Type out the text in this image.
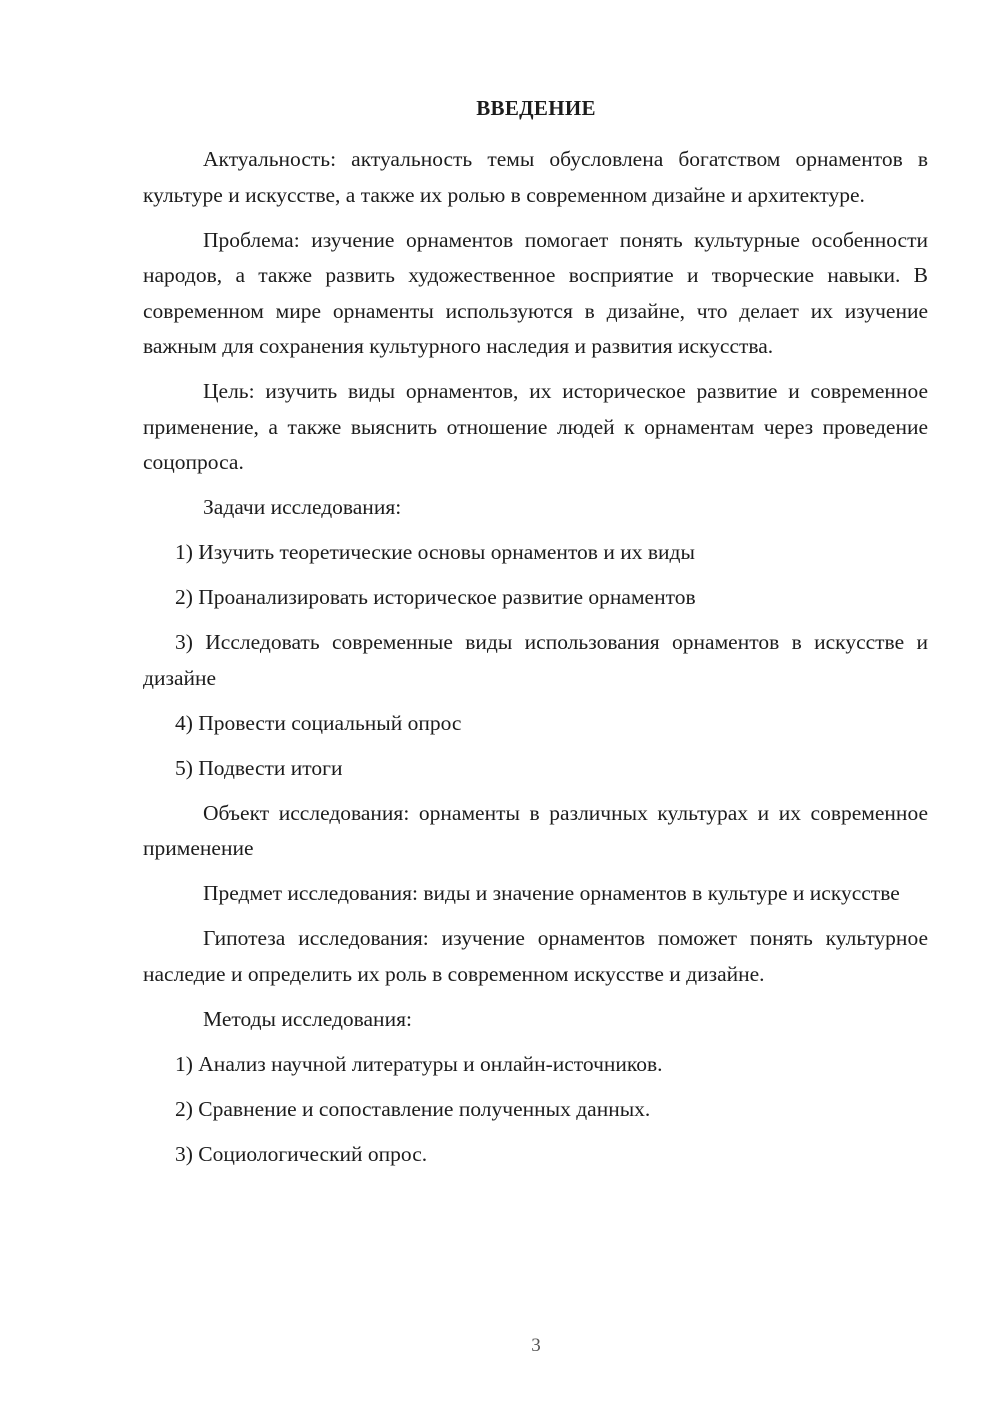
ВВЕДЕНИЕ

Актуальность: актуальность темы обусловлена богатством орнаментов в культуре и искусстве, а также их ролью в современном дизайне и архитектуре.

Проблема: изучение орнаментов помогает понять культурные особенности народов, а также развить художественное восприятие и творческие навыки. В современном мире орнаменты используются в дизайне, что делает их изучение важным для сохранения культурного наследия и развития искусства.

Цель: изучить виды орнаментов, их историческое развитие и современное применение, а также выяснить отношение людей к орнаментам через проведение соцопроса.

Задачи исследования:

1) Изучить теоретические основы орнаментов и их виды

2) Проанализировать историческое развитие орнаментов

3) Исследовать современные виды использования орнаментов в искусстве и дизайне

4) Провести социальный опрос

5) Подвести итоги

Объект исследования: орнаменты в различных культурах и их современное применение

Предмет исследования: виды и значение орнаментов в культуре и искусстве

Гипотеза исследования: изучение орнаментов поможет понять культурное наследие и определить их роль в современном искусстве и дизайне.

Методы исследования:

1) Анализ научной литературы и онлайн-источников.

2) Сравнение и сопоставление полученных данных.

3) Социологический опрос.

3
